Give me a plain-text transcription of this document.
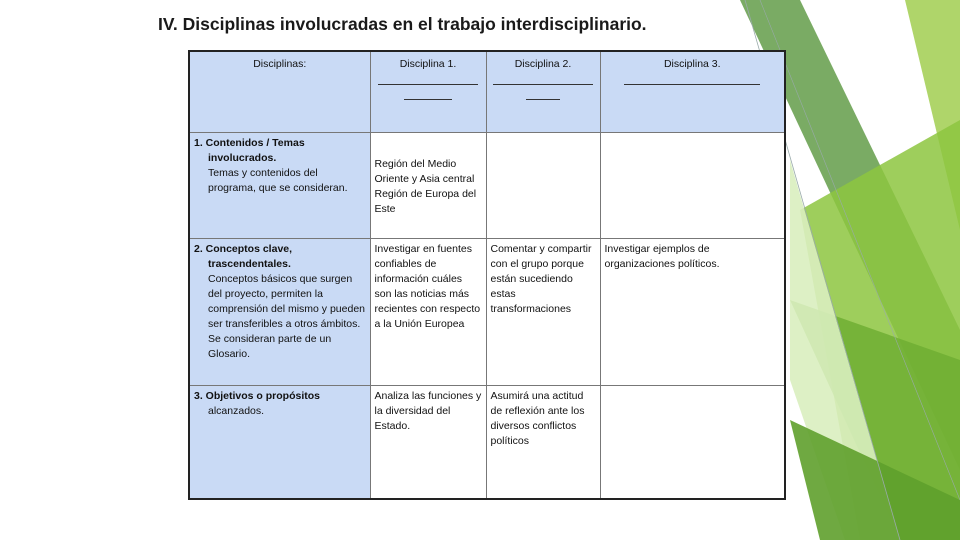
IV. Disciplinas involucradas en el trabajo interdisciplinario.
Disciplinas:	Disciplina 1.	Disciplina 2.	Disciplina 3.

1. Contenidos / Temas
involucrados.
Temas y contenidos del programa, que se consideran.	Región del Medio Oriente y Asia central Región de Europa del Este		
2. Conceptos clave,
trascendentales.
Conceptos básicos que surgen del proyecto, permiten la comprensión del mismo y pueden ser transferibles a otros ámbitos. Se consideran parte de un Glosario.	Investigar en fuentes confiables de información cuáles son las noticias más recientes con respecto a la Unión Europea	Comentar y compartir con el grupo porque están sucediendo estas transformaciones	Investigar ejemplos de organizaciones políticos.
3. Objetivos o propósitos
alcanzados.	Analiza las funciones y la diversidad del Estado.	Asumirá una actitud de reflexión ante los diversos conflictos políticos	
